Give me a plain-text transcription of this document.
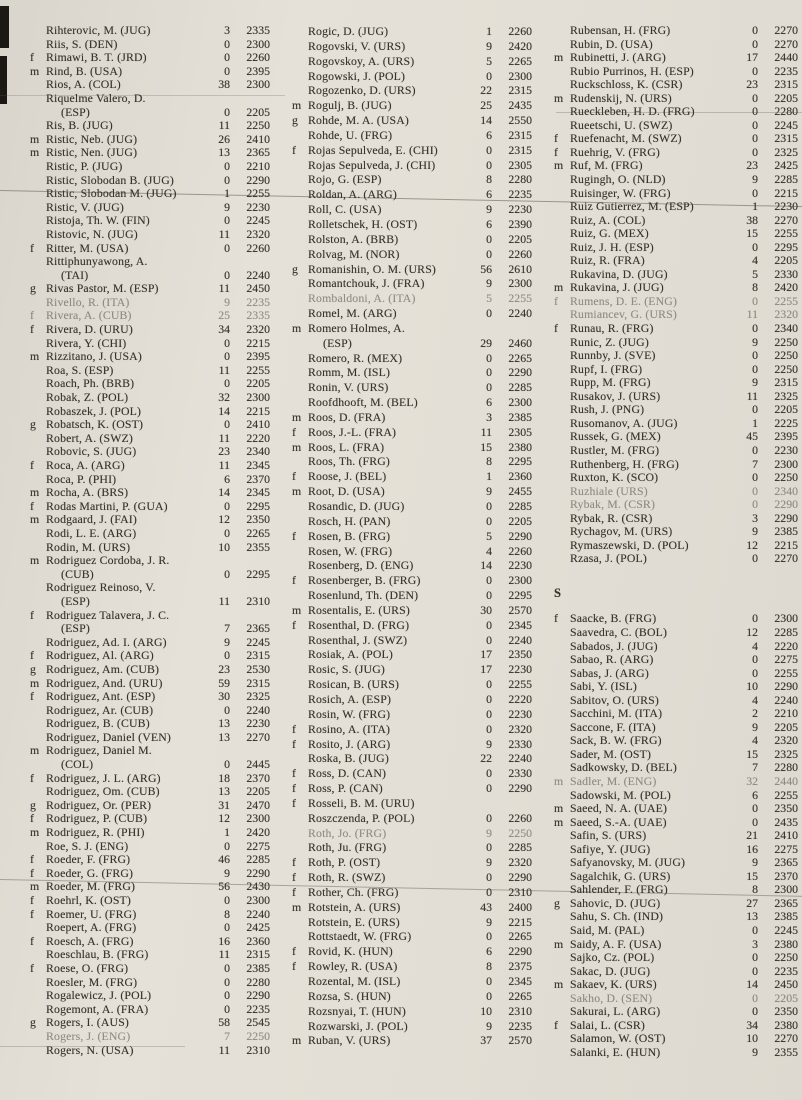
Rihterovic, M. (JUG)	3	2335
Riis, S. (DEN)	0	2300
f	Rimawi, B. T. (JRD)	0	2260
m Rind, B. (USA)	0	2395
Rios, A. (COL)	38	2300
Riquelme Valero, D.
(ESP)	0	2205
Ris, B. (JUG)	11	2250
m Ristic, Neb. (JUG)	26	2410
m Ristic, Nen. (JUG)	13	2365
Ristic, P. (JUG)	0	2210
Ristic, Slobodan B. (JUG)	0	2290
Ristic, Slobodan M. (JUG)	1	2255
Ristic, V. (JUG)	9	2230
Ristoja, Th. W. (FIN)	0	2245
Ristovic, N. (JUG)	11	2320
f	Ritter, M. (USA)	0	2260
Rittiphunyawong, A.
(TAI)	0	2240
g Rivas Pastor, M. (ESP)	11	2450
Rivello, R. (ITA)	9	2235
f	Rivera, A. (CUB)	25	2335
f	Rivera, D. (URU)	34	2320
Rivera, Y. (CHI)	0	2215
m Rizzitano, J. (USA)	0	2395
Roa, S. (ESP)	11	2255
Roach, Ph. (BRB)	0	2205
Robak, Z. (POL)	32	2300
Robaszek, J. (POL)	14	2215
g Robatsch, K. (OST)	0	2410
Robert, A. (SWZ)	11	2220
Robovic, S. (JUG)	23	2340
f	Roca, A. (ARG)	11	2345
Roca, P. (PHI)	6	2370
m Rocha, A. (BRS)	14	2345
f	Rodas Martini, P. (GUA)	0	2295
m Rodgaard, J. (FAI)	12	2350
Rodi, L. E. (ARG)	0	2265
Rodin, M. (URS)	10	2355
m Rodriguez Cordoba, J. R.
(CUB)	0	2295
Rodriguez Reinoso, V.
(ESP)	11	2310
f	Rodriguez Talavera, J. C.
(ESP)	7	2365
Rodriguez, Ad. I. (ARG)	9	2245
f	Rodriguez, Al. (ARG)	0	2315
g Rodriguez, Am. (CUB)	23	2530
m Rodriguez, And. (URU)	59	2315
f	Rodriguez, Ant. (ESP)	30	2325
Rodriguez, Ar. (CUB)	0	2240
Rodriguez, B. (CUB)	13	2230
Rodriguez, Daniel (VEN)	13	2270
m Rodriguez, Daniel M.
(COL)	0	2445
f	Rodriguez, J. L. (ARG)	18	2370
Rodriguez, Om. (CUB)	13	2205
g Rodriguez, Or. (PER)	31	2470
f	Rodriguez, P. (CUB)	12	2300
m Rodriguez, R. (PHI)	1	2420
Roe, S. J. (ENG)	0	2275
f	Roeder, F. (FRG)	46	2285
f	Roeder, G. (FRG)	9	2290
m Roeder, M. (FRG)	56	2430
f	Roehrl, K. (OST)	0	2300
f	Roemer, U. (FRG)	8	2240
Roepert, A. (FRG)	0	2425
f	Roesch, A. (FRG)	16	2360
Roeschlau, B. (FRG)	11	2315
f	Roese, O. (FRG)	0	2385
Roesler, M. (FRG)	0	2280
Rogalewicz, J. (POL)	0	2290
Rogemont, A. (FRA)	0	2235
g Rogers, I. (AUS)	58	2545
Rogers, J. (ENG)	7	2250
Rogers, N. (USA)	11	2310
Rogic, D. (JUG)	1	2260
Rogovski, V. (URS)	9	2420
Rogovskoy, A. (URS)	5	2265
Rogowski, J. (POL)	0	2300
Rogozenko, D. (URS)	22	2315
m Rogulj, B. (JUG)	25	2435
g Rohde, M. A. (USA)	14	2550
Rohde, U. (FRG)	6	2315
f	Rojas Sepulveda, E. (CHI)	0	2315
Rojas Sepulveda, J. (CHI)	0	2305
Rojo, G. (ESP)	8	2280
Roldan, A. (ARG)	6	2235
Roll, C. (USA)	9	2230
Rolletschek, H. (OST)	6	2390
Rolston, A. (BRB)	0	2205
Rolvag, M. (NOR)	0	2260
g Romanishin, O. M. (URS)	56	2610
Romantchouk, J. (FRA)	9	2300
Rombaldoni, A. (ITA)	5	2255
Romel, M. (ARG)	0	2240
m Romero Holmes, A.
(ESP)	29	2460
Romero, R. (MEX)	0	2265
Romm, M. (ISL)	0	2290
Ronin, V. (URS)	0	2285
Roofdhooft, M. (BEL)	6	2300
m Roos, D. (FRA)	3	2385
f	Roos, J.-L. (FRA)	11	2305
m Roos, L. (FRA)	15	2380
Roos, Th. (FRG)	8	2295
f	Roose, J. (BEL)	1	2360
m Root, D. (USA)	9	2455
Rosandic, D. (JUG)	0	2285
Rosch, H. (PAN)	0	2205
f	Rosen, B. (FRG)	5	2290
Rosen, W. (FRG)	4	2260
Rosenberg, D. (ENG)	14	2230
f	Rosenberger, B. (FRG)	0	2300
Rosenlund, Th. (DEN)	0	2295
m Rosentalis, E. (URS)	30	2570
f	Rosenthal, D. (FRG)	0	2345
Rosenthal, J. (SWZ)	0	2240
Rosiak, A. (POL)	17	2350
Rosic, S. (JUG)	17	2230
Rosican, B. (URS)	0	2255
Rosich, A. (ESP)	0	2220
Rosin, W. (FRG)	0	2230
f	Rosino, A. (ITA)	0	2320
f	Rosito, J. (ARG)	9	2330
Roska, B. (JUG)	22	2240
f	Ross, D. (CAN)	0	2330
f	Ross, P. (CAN)	0	2290
f	Rosseli, B. M. (URU)
Roszczenda, P. (POL)	0	2260
Roth, Jo. (FRG)	9	2250
Roth, Ju. (FRG)	0	2285
f	Roth, P. (OST)	9	2320
f	Roth, R. (SWZ)	0	2290
f	Rother, Ch. (FRG)	0	2310
m Rotstein, A. (URS)	43	2400
Rotstein, E. (URS)	9	2215
Rottstaedt, W. (FRG)	0	2265
f	Rovid, K. (HUN)	6	2290
f	Rowley, R. (USA)	8	2375
Rozental, M. (ISL)	0	2345
Rozsa, S. (HUN)	0	2265
Rozsnyai, T. (HUN)	10	2310
Rozwarski, J. (POL)	9	2235
m Ruban, V. (URS)	37	2570
Rubensan, H. (FRG)	0	2270
Rubin, D. (USA)	0	2270
m Rubinetti, J. (ARG)	17	2440
Rubio Purrinos, H. (ESP)	0	2235
Ruckschloss, K. (CSR)	23	2315
m Rudenskij, N. (URS)	0	2205
Rueckleben, H. D. (FRG)	0	2280
Rueetschi, U. (SWZ)	0	2245
f	Ruefenacht, M. (SWZ)	0	2315
f	Ruehrig, V. (FRG)	0	2325
m Ruf, M. (FRG)	23	2425
Rugingh, O. (NLD)	9	2285
Ruisinger, W. (FRG)	0	2215
Ruiz Gutierrez, M. (ESP)	1	2230
Ruiz, A. (COL)	38	2270
Ruiz, G. (MEX)	15	2255
Ruiz, J. H. (ESP)	0	2295
Ruiz, R. (FRA)	4	2205
Rukavina, D. (JUG)	5	2330
m Rukavina, J. (JUG)	8	2420
f	Rumens, D. E. (ENG)	0	2255
Rumiancev, G. (URS)	11	2320
f	Runau, R. (FRG)	0	2340
Runic, Z. (JUG)	9	2250
Runnby, J. (SVE)	0	2250
Rupf, I. (FRG)	0	2250
Rupp, M. (FRG)	9	2315
Rusakov, J. (URS)	11	2325
Rush, J. (PNG)	0	2205
Rusomanov, A. (JUG)	1	2225
Russek, G. (MEX)	45	2395
Rustler, M. (FRG)	0	2230
Ruthenberg, H. (FRG)	7	2300
Ruxton, K. (SCO)	0	2250
Ruzhiale (URS)	0	2340
Rybak, M. (CSR)	0	2290
Rybak, R. (CSR)	3	2290
Rychagov, M. (URS)	9	2385
Rymaszewski, D. (POL)	12	2215
Rzasa, J. (POL)	0	2270
S
f	Saacke, B. (FRG)	0	2300
Saavedra, C. (BOL)	12	2285
Sabados, J. (JUG)	4	2220
Sabao, R. (ARG)	0	2275
Sabas, J. (ARG)	0	2255
Sabi, Y. (ISL)	10	2290
Sabitov, O. (URS)	4	2240
Sacchini, M. (ITA)	2	2210
Saccone, F. (ITA)	9	2205
Sack, B. W. (FRG)	4	2320
Sader, M. (OST)	15	2325
Sadkowsky, D. (BEL)	7	2280
m Sadler, M. (ENG)	32	2440
Sadowski, M. (POL)	6	2255
m Saeed, N. A. (UAE)	0	2350
m Saeed, S.-A. (UAE)	0	2435
Safin, S. (URS)	21	2410
Safiye, Y. (JUG)	16	2275
Safyanovsky, M. (JUG)	9	2365
Sagalchik, G. (URS)	15	2370
Sahlender, F. (FRG)	8	2300
g Sahovic, D. (JUG)	27	2365
Sahu, S. Ch. (IND)	13	2385
Said, M. (PAL)	0	2245
m Saidy, A. F. (USA)	3	2380
Sajko, Cz. (POL)	0	2250
Sakac, D. (JUG)	0	2235
m Sakaev, K. (URS)	14	2450
Sakho, D. (SEN)	0	2205
Sakurai, L. (ARG)	0	2350
f	Salai, L. (CSR)	34	2380
Salamon, W. (OST)	10	2270
Salanki, E. (HUN)	9	2355
